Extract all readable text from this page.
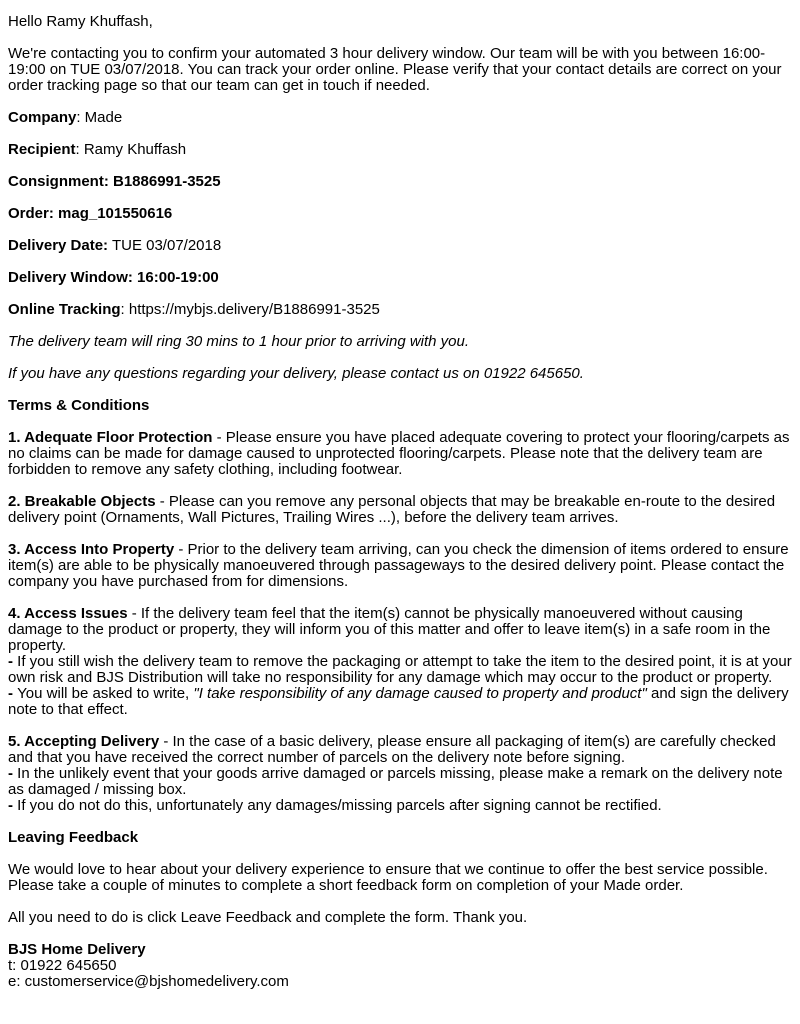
Hello Ramy Khuffash,

We're contacting you to confirm your automated 3 hour delivery window. Our team will be with you between 16:00-19:00 on TUE 03/07/2018. You can track your order online. Please verify that your contact details are correct on your order tracking page so that our team can get in touch if needed.

Company: Made

Recipient: Ramy Khuffash

Consignment: B1886991-3525

Order: mag_101550616

Delivery Date: TUE 03/07/2018

Delivery Window: 16:00-19:00

Online Tracking: https://mybjs.delivery/B1886991-3525

The delivery team will ring 30 mins to 1 hour prior to arriving with you.

If you have any questions regarding your delivery, please contact us on 01922 645650.

Terms & Conditions

1. Adequate Floor Protection - Please ensure you have placed adequate covering to protect your flooring/carpets as no claims can be made for damage caused to unprotected flooring/carpets. Please note that the delivery team are forbidden to remove any safety clothing, including footwear.

2. Breakable Objects - Please can you remove any personal objects that may be breakable en-route to the desired delivery point (Ornaments, Wall Pictures, Trailing Wires ...), before the delivery team arrives.

3. Access Into Property - Prior to the delivery team arriving, can you check the dimension of items ordered to ensure item(s) are able to be physically manoeuvered through passageways to the desired delivery point. Please contact the company you have purchased from for dimensions.

4. Access Issues - If the delivery team feel that the item(s) cannot be physically manoeuvered without causing damage to the product or property, they will inform you of this matter and offer to leave item(s) in a safe room in the property.
- If you still wish the delivery team to remove the packaging or attempt to take the item to the desired point, it is at your own risk and BJS Distribution will take no responsibility for any damage which may occur to the product or property.
- You will be asked to write, "I take responsibility of any damage caused to property and product" and sign the delivery note to that effect.

5. Accepting Delivery - In the case of a basic delivery, please ensure all packaging of item(s) are carefully checked and that you have received the correct number of parcels on the delivery note before signing.
- In the unlikely event that your goods arrive damaged or parcels missing, please make a remark on the delivery note as damaged / missing box.
- If you do not do this, unfortunately any damages/missing parcels after signing cannot be rectified.

Leaving Feedback

We would love to hear about your delivery experience to ensure that we continue to offer the best service possible. Please take a couple of minutes to complete a short feedback form on completion of your Made order.

All you need to do is click Leave Feedback and complete the form. Thank you.

BJS Home Delivery
t: 01922 645650
e: customerservice@bjshomedelivery.com
